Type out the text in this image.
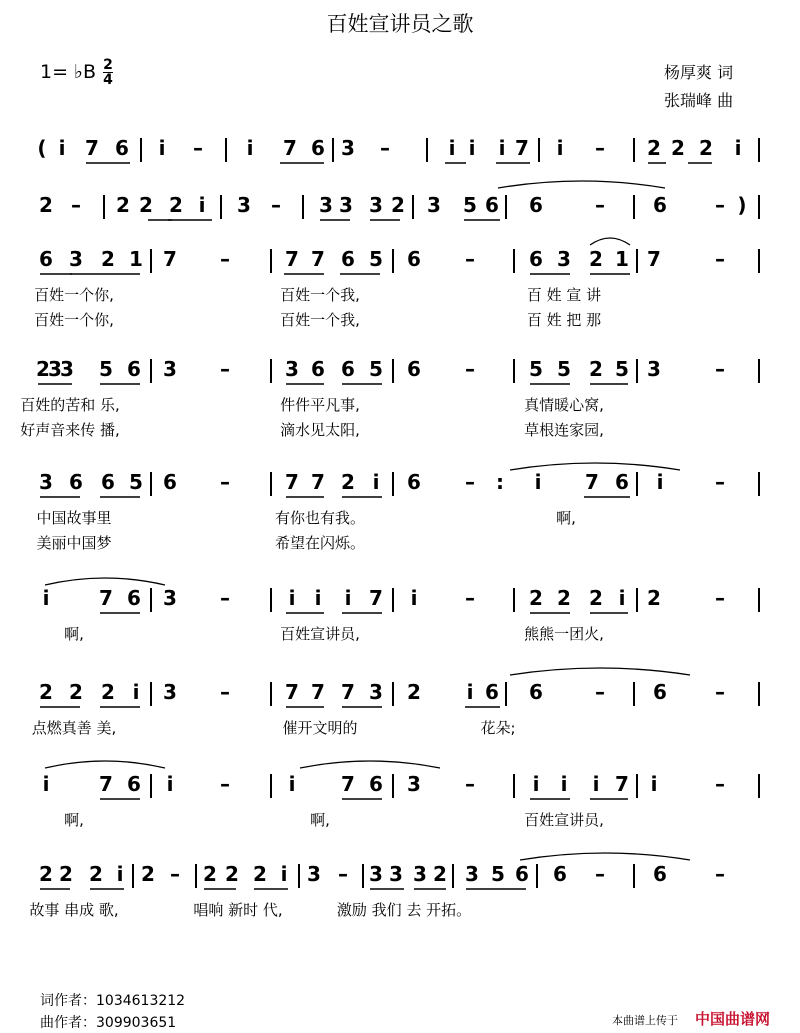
百姓宣讲员之歌
1= ♭B $\frac{2}{4}$	杨厚爽 词
张瑞峰 曲
( i 7 6 i – i 7 6 3 –	i i i 7 i – 2 2 2 i
2 – 2 2 2 i 3 – 3 3 3 2 3 5 6 6	– 6 – )
6 3 2 1 7 –	7 7 6 5 6 –	6 3 2 1 7	–
百姓一个你,	百姓一个我,	百 姓 宣 讲
百姓一个你,	百姓一个我,	百 姓 把 那
2
3
3 5 6 3 –	3 6 6 5 6 –	5 5 2 5 3	–
百姓的苦和 乐,	件件平凡事,	真情暖心窝,
好声音来传 播,	滴水见太阳,	草根连家园,
3 6 6 5 6 –	7 7 2 i 6 – : i 7 6 i	–
中国故事里	有你也有我。	啊,
美丽中国梦	希望在闪烁。
i 7 6 3 –	i i i 7 i –	2 2 2 i 2	–
啊,	百姓宣讲员,	熊熊一团火,
2 2 2 i 3 –	7 7 7 3 2 i 6 6	– 6 –
点燃真善 美,	催开文明的	花朵;
i 7 6 i –	i 7 6 3 –	i i i 7 i	–
啊,	啊,	百姓宣讲员,
2 2 2 i 2 – 2 2 2 i 3 – 3 3 3 2 3 5 6 6 – 6 –
故事 串成 歌,	唱响 新时 代,	激励 我们 去 开拓。
词作者：1034613212
曲作者：309903651	本曲谱上传于 中国曲谱网
